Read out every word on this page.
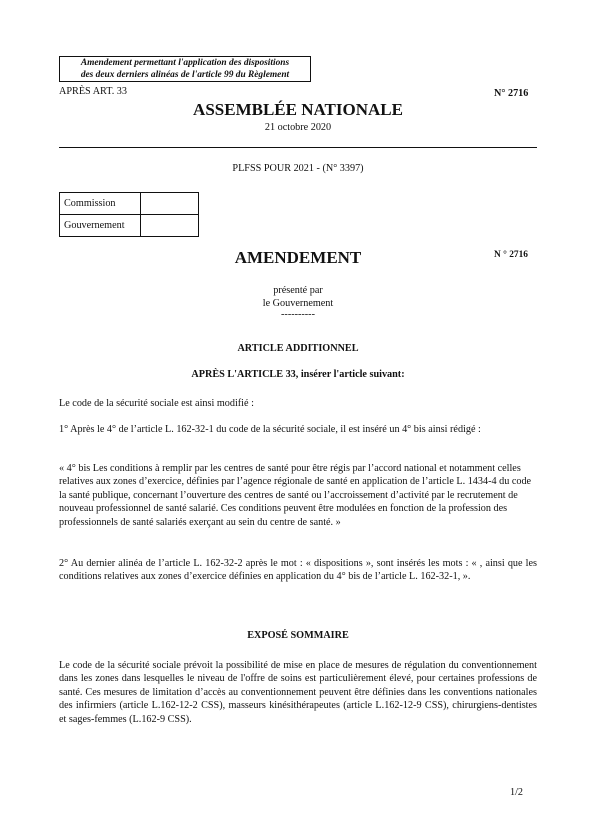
Amendement permettant l'application des dispositions
des deux derniers alinéas de l'article 99 du Règlement
APRÈS ART. 33	N° 2716
ASSEMBLÉE NATIONALE
21 octobre 2020
PLFSS POUR 2021 - (N° 3397)
Commission	
Gouvernement	
AMENDEMENT	N ° 2716
présenté par
le Gouvernement
----------
ARTICLE ADDITIONNEL
APRÈS L'ARTICLE 33, insérer l'article suivant:
Le code de la sécurité sociale est ainsi modifié :
1° Après le 4° de l’article L. 162-32-1 du code de la sécurité sociale, il est inséré un 4° bis ainsi rédigé :
« 4° bis Les conditions à remplir par les centres de santé pour être régis par l’accord national et notamment celles relatives aux zones d’exercice, définies par l’agence régionale de santé en application de l’article L. 1434-4 du code la santé publique, concernant l’ouverture des centres de santé ou l’accroissement d’activité par le recrutement de nouveau professionnel de santé salarié. Ces conditions peuvent être modulées en fonction de la profession des professionnels de santé salariés exerçant au sein du centre de santé. »
2° Au dernier alinéa de l’article L. 162-32-2 après le mot : « dispositions », sont insérés les mots : « , ainsi que les conditions relatives aux zones d’exercice définies en application du 4° bis de l’article L. 162-32-1, ».
EXPOSÉ SOMMAIRE
Le code de la sécurité sociale prévoit la possibilité de mise en place de mesures de régulation du conventionnement dans les zones dans lesquelles le niveau de l'offre de soins est particulièrement élevé, pour certaines professions de santé. Ces mesures de limitation d’accès au conventionnement peuvent être définies dans les conventions nationales des infirmiers (article L.162-12-2 CSS), masseurs kinésithérapeutes (article L.162-12-9 CSS), chirurgiens-dentistes et sages-femmes (L.162-9 CSS).
1/2
